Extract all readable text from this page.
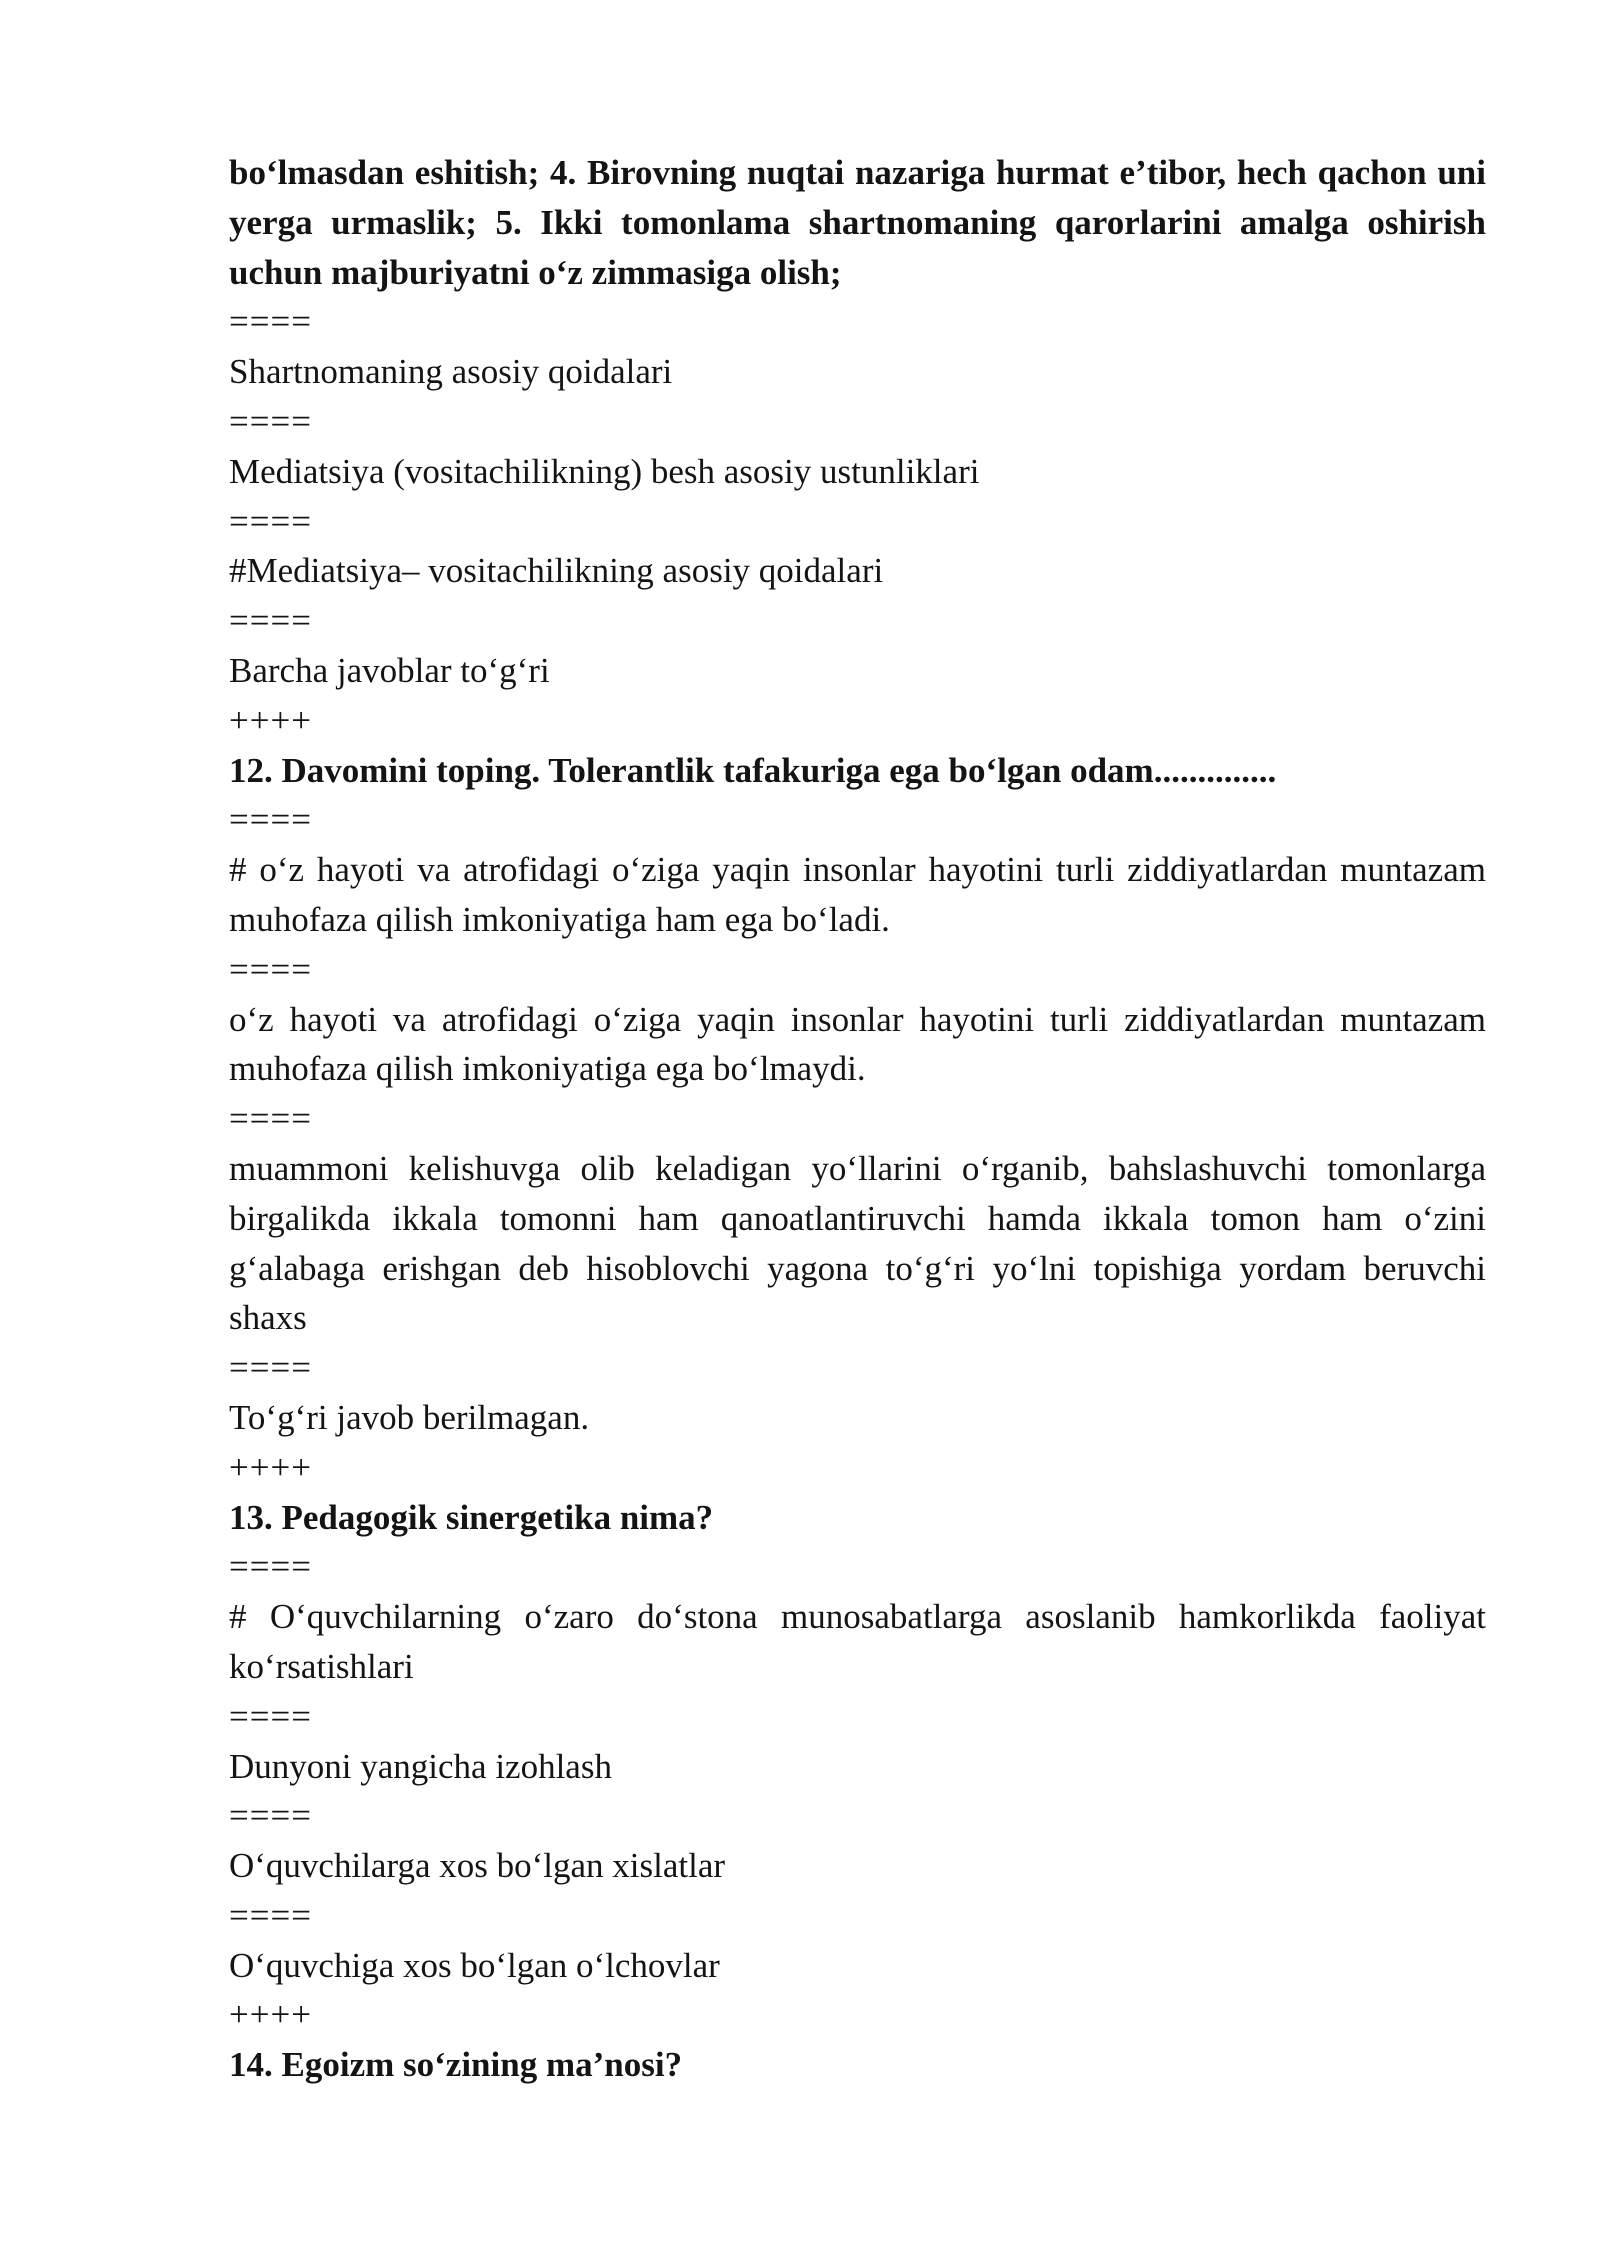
bo‘lmasdan eshitish; 4. Birovning nuqtai nazariga hurmat e’tibor, hech qachon uni yerga urmaslik; 5. Ikki tomonlama shartnomaning qarorlarini amalga oshirish uchun majburiyatni o‘z zimmasiga olish;

====

Shartnomaning asosiy qoidalari

====

Mediatsiya (vositachilikning) besh asosiy ustunliklari

====

#Mediatsiya– vositachilikning asosiy qoidalari

====

Barcha javoblar to‘g‘ri

++++

12. Davomini toping. Tolerantlik tafakuriga ega bo‘lgan odam..............

====

# o‘z hayoti va atrofidagi o‘ziga yaqin insonlar hayotini turli ziddiyatlardan muntazam muhofaza qilish imkoniyatiga ham ega bo‘ladi.

====

o‘z hayoti va atrofidagi o‘ziga yaqin insonlar hayotini turli ziddiyatlardan muntazam muhofaza qilish imkoniyatiga ega bo‘lmaydi.

====

muammoni kelishuvga olib keladigan yo‘llarini o‘rganib, bahslashuvchi tomonlarga birgalikda ikkala tomonni ham qanoatlantiruvchi hamda ikkala tomon ham o‘zini g‘alabaga erishgan deb hisoblovchi yagona to‘g‘ri yo‘lni topishiga yordam beruvchi shaxs

====

To‘g‘ri javob berilmagan.

++++

13. Pedagogik sinergetika nima?

====

# O‘quvchilarning o‘zaro do‘stona munosabatlarga asoslanib hamkorlikda faoliyat ko‘rsatishlari

====

Dunyoni yangicha izohlash

====

O‘quvchilarga xos bo‘lgan xislatlar

====

O‘quvchiga xos bo‘lgan o‘lchovlar

++++

14. Egoizm so‘zining ma’nosi?
